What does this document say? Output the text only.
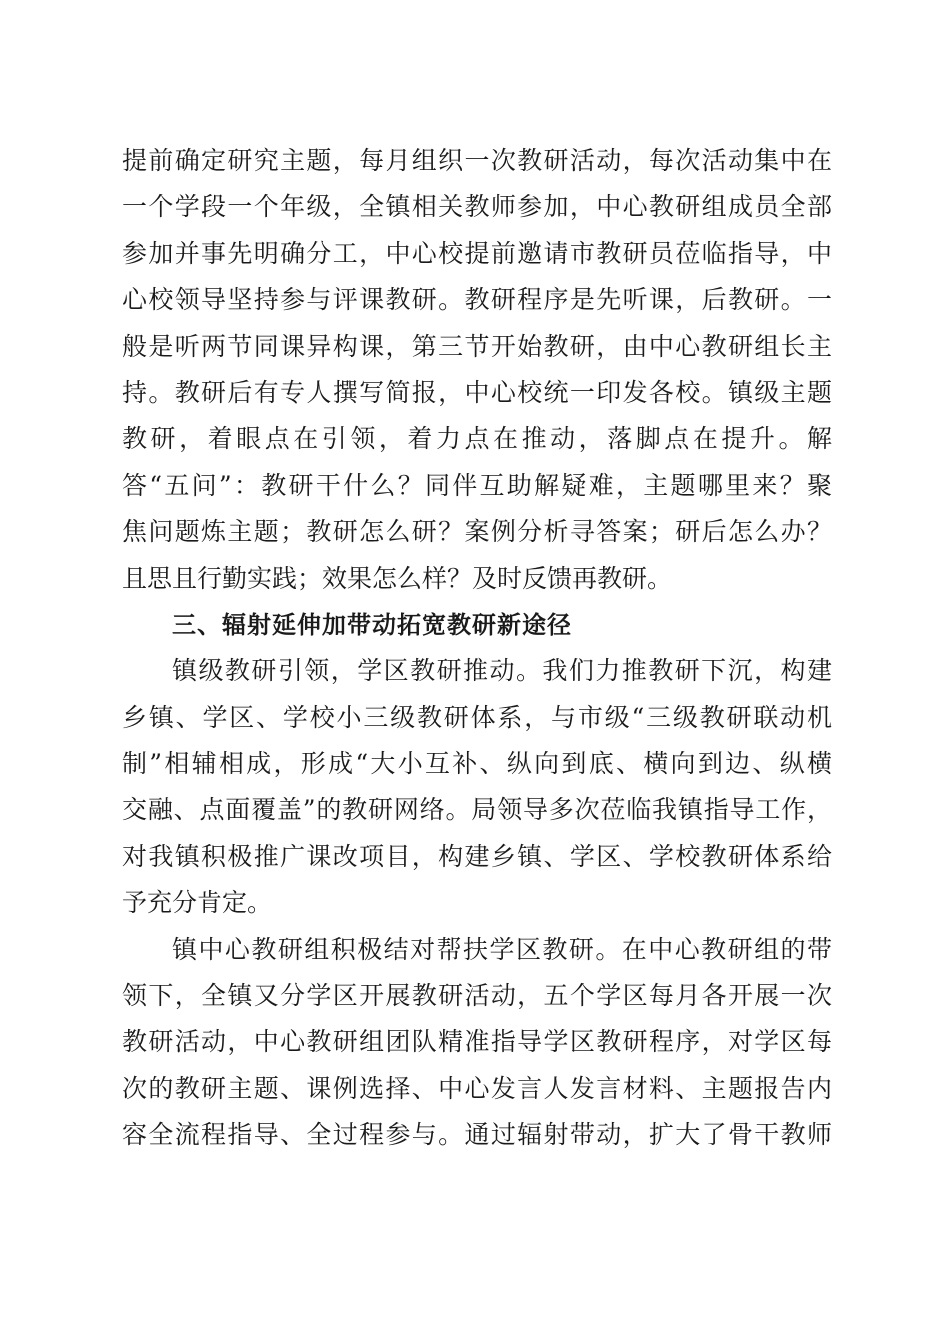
提前确定研究主题，每月组织一次教研活动，每次活动集中在
一个学段一个年级，全镇相关教师参加，中心教研组成员全部
参加并事先明确分工，中心校提前邀请市教研员莅临指导，中
心校领导坚持参与评课教研。教研程序是先听课，后教研。一
般是听两节同课异构课，第三节开始教研，由中心教研组长主
持。教研后有专人撰写简报，中心校统一印发各校。镇级主题
教研，着眼点在引领，着力点在推动，落脚点在提升。解
答“五问”：教研干什么？同伴互助解疑难，主题哪里来？聚
焦问题炼主题；教研怎么研？案例分析寻答案；研后怎么办？
且思且行勤实践；效果怎么样？及时反馈再教研。
三、辐射延伸加带动拓宽教研新途径
镇级教研引领，学区教研推动。我们力推教研下沉，构建
乡镇、学区、学校小三级教研体系，与市级“三级教研联动机
制”相辅相成，形成“大小互补、纵向到底、横向到边、纵横
交融、点面覆盖”的教研网络。局领导多次莅临我镇指导工作，
对我镇积极推广课改项目，构建乡镇、学区、学校教研体系给
予充分肯定。
镇中心教研组积极结对帮扶学区教研。在中心教研组的带
领下，全镇又分学区开展教研活动，五个学区每月各开展一次
教研活动，中心教研组团队精准指导学区教研程序，对学区每
次的教研主题、课例选择、中心发言人发言材料、主题报告内
容全流程指导、全过程参与。通过辐射带动，扩大了骨干教师
